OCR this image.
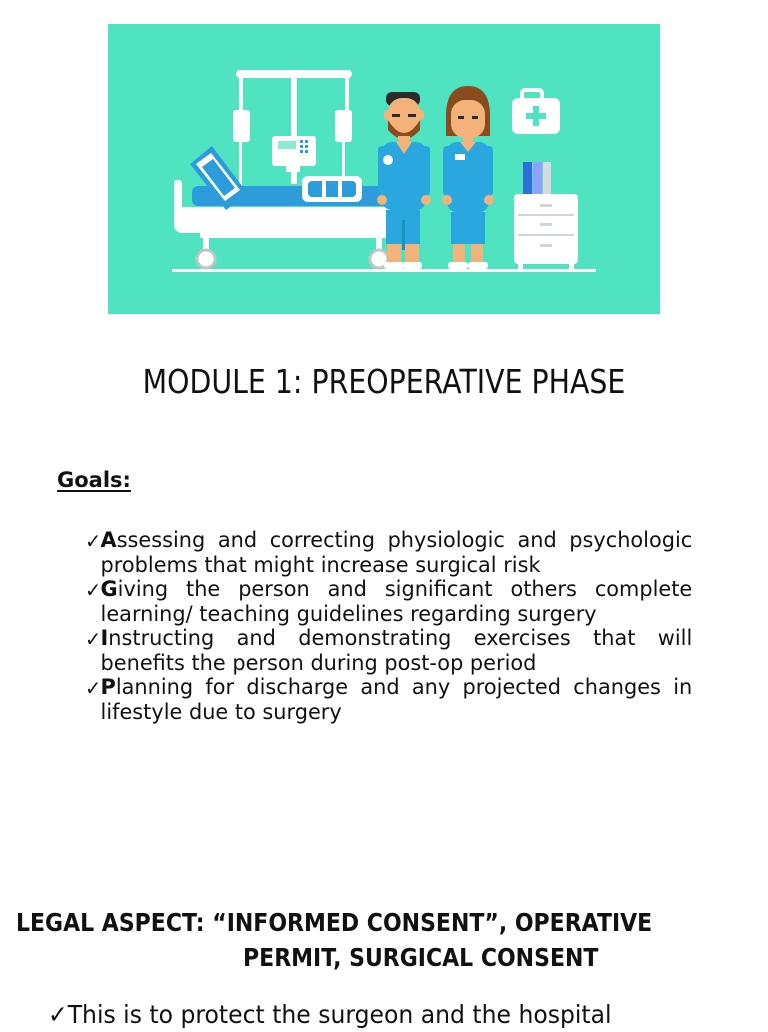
MODULE 1: PREOPERATIVE PHASE
Goals:
✓ Assessing and correcting physiologic and psychologic problems that might increase surgical risk
✓ Giving the person and significant others complete learning/ teaching guidelines regarding surgery
✓ Instructing and demonstrating exercises that will benefits the person during post-op period
✓ Planning for discharge and any projected changes in lifestyle due to surgery
LEGAL ASPECT: “INFORMED CONSENT”, OPERATIVE
PERMIT, SURGICAL CONSENT
✓This is to protect the surgeon and the hospital
